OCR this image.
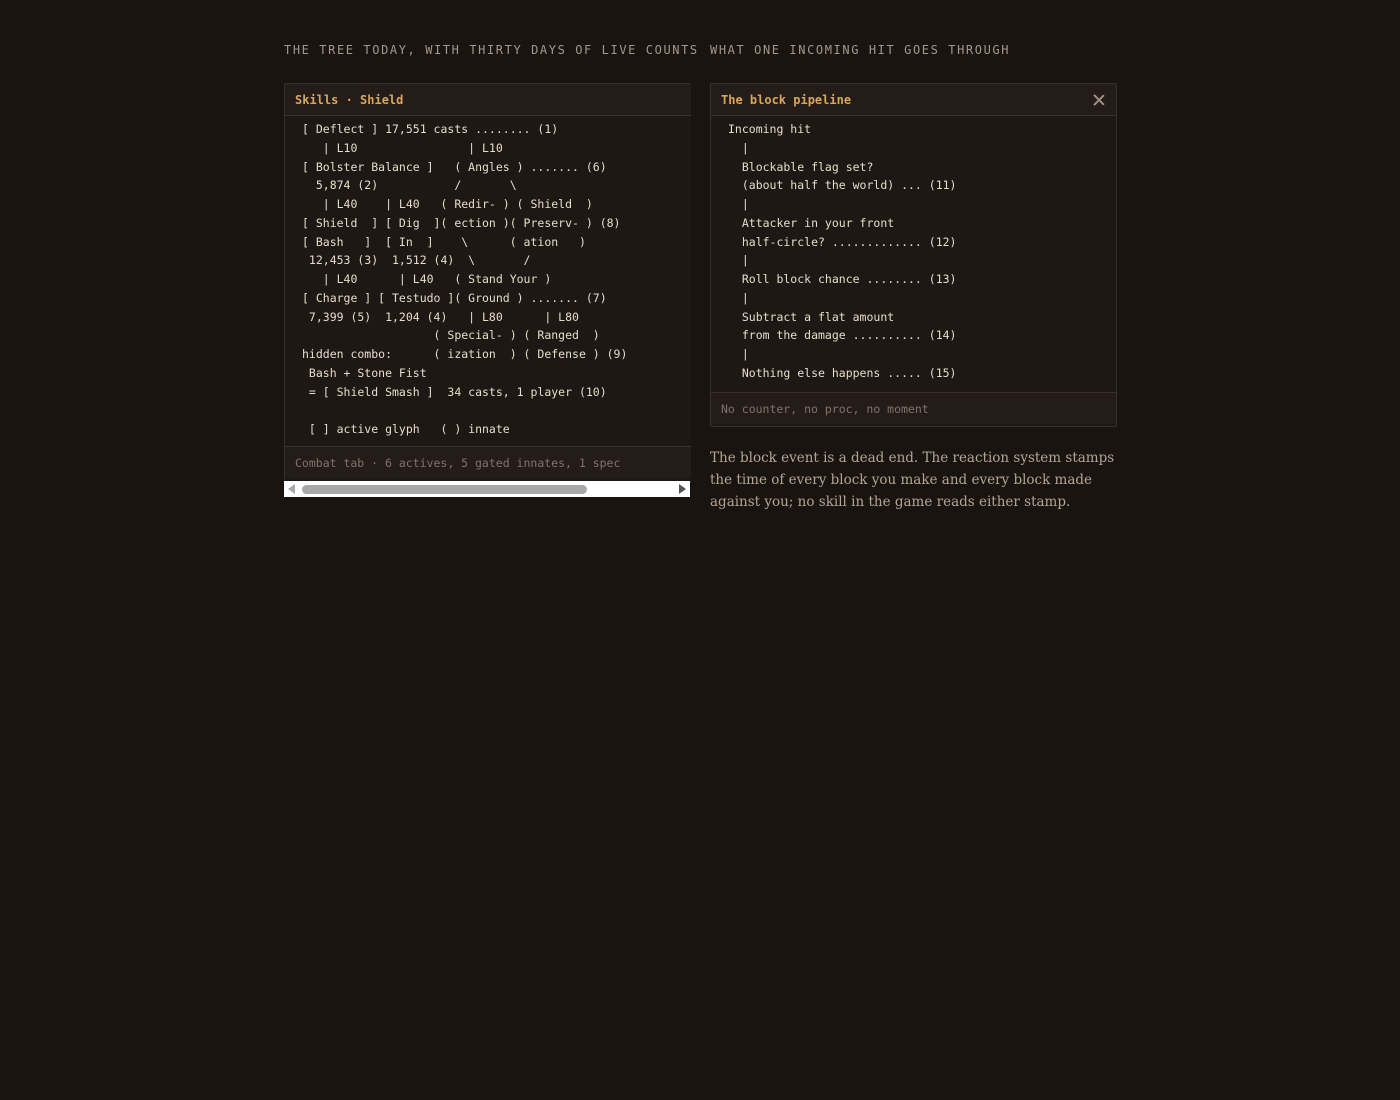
THE TREE TODAY, WITH THIRTY DAYS OF LIVE COUNTS WHAT ONE INCOMING HIT GOES THROUGH
Skills · Shield
[ Deflect ] 17,551 casts ........ (1)
| L10                | L10
[ Bolster Balance ]   ( Angles ) ....... (6)
5,874 (2)           /       \
| L40    | L40   ( Redir- ) ( Shield  )
[ Shield  ] [ Dig  ]( ection )( Preserv- ) (8)
[ Bash   ]  [ In  ]    \      ( ation   )
12,453 (3)  1,512 (4)  \       /
| L40      | L40   ( Stand Your )
[ Charge ] [ Testudo ]( Ground ) ....... (7)
7,399 (5)  1,204 (4)   | L80      | L80
( Special- ) ( Ranged  )
hidden combo:      ( ization  ) ( Defense ) (9)
Bash + Stone Fist
= [ Shield Smash ]  34 casts, 1 player (10)

[ ] active glyph   ( ) innate
Combat tab · 6 actives, 5 gated innates, 1 spec
The block pipeline
Incoming hit
|
Blockable flag set?
(about half the world) ... (11)
|
Attacker in your front
half-circle? ............. (12)
|
Roll block chance ........ (13)
|
Subtract a flat amount
from the damage .......... (14)
|
Nothing else happens ..... (15)
No counter, no proc, no moment

The block event is a dead end. The reaction system stamps the time of every block you make and every block made against you; no skill in the game reads either stamp.
